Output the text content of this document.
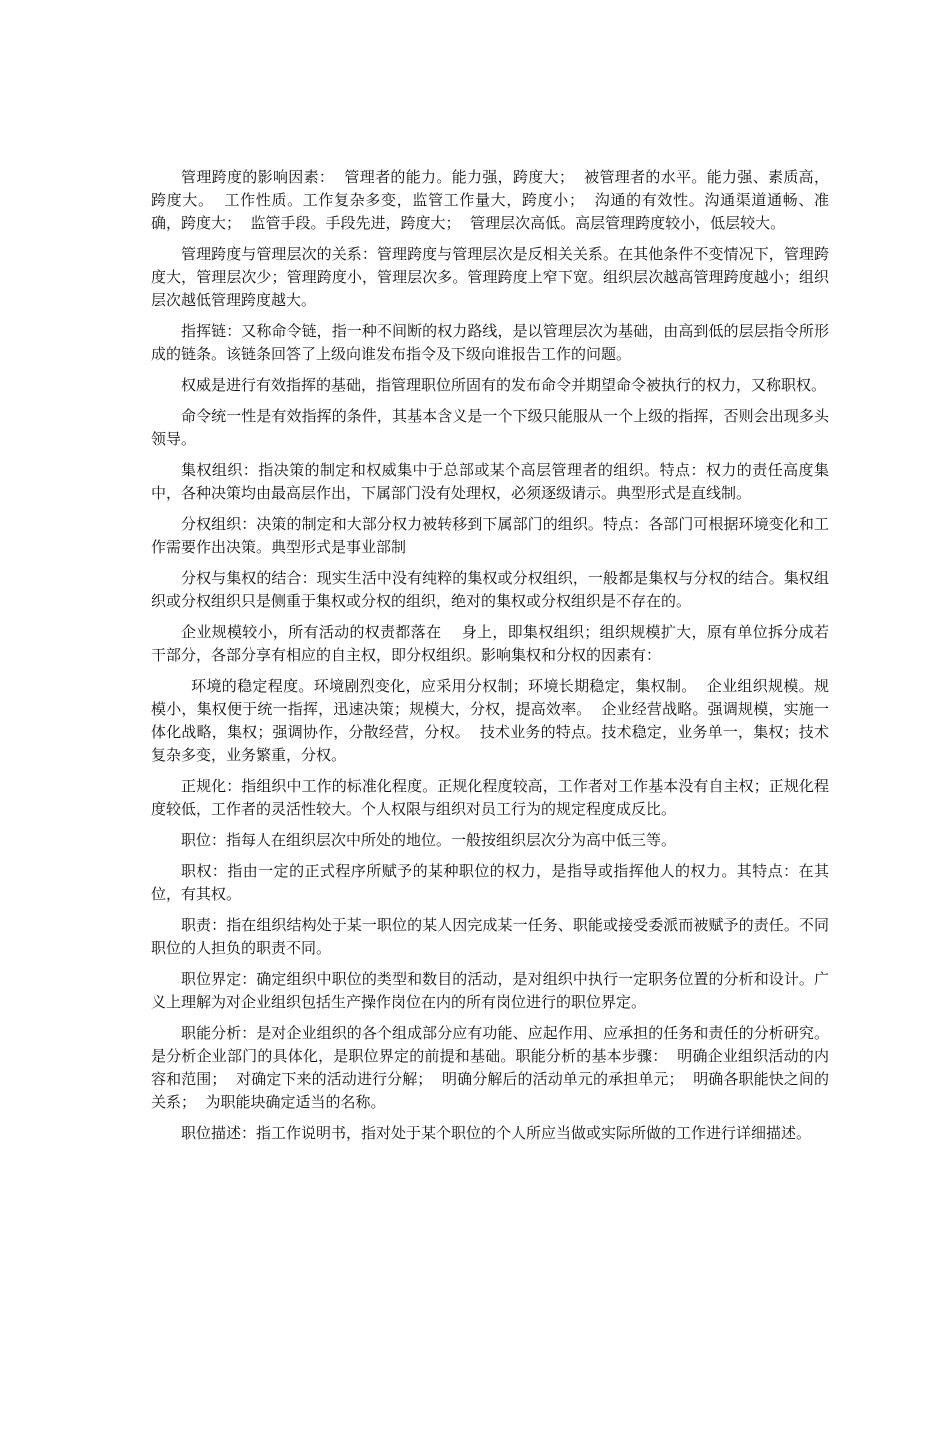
管理跨度的影响因素：  管理者的能力。能力强，跨度大；  被管理者的水平。能力强、素质高，跨度大。  工作性质。工作复杂多变，监管工作量大，跨度小；  沟通的有效性。沟通渠道通畅、准确，跨度大；  监管手段。手段先进，跨度大；  管理层次高低。高层管理跨度较小，低层较大。

管理跨度与管理层次的关系：管理跨度与管理层次是反相关关系。在其他条件不变情况下，管理跨度大，管理层次少；管理跨度小，管理层次多。管理跨度上窄下宽。组织层次越高管理跨度越小；组织层次越低管理跨度越大。

指挥链：又称命令链，指一种不间断的权力路线，是以管理层次为基础，由高到低的层层指令所形成的链条。该链条回答了上级向谁发布指令及下级向谁报告工作的问题。

权威是进行有效指挥的基础，指管理职位所固有的发布命令并期望命令被执行的权力，又称职权。

命令统一性是有效指挥的条件，其基本含义是一个下级只能服从一个上级的指挥，否则会出现多头领导。

集权组织：指决策的制定和权威集中于总部或某个高层管理者的组织。特点：权力的责任高度集中，各种决策均由最高层作出，下属部门没有处理权，必须逐级请示。典型形式是直线制。

分权组织：决策的制定和大部分权力被转移到下属部门的组织。特点：各部门可根据环境变化和工作需要作出决策。典型形式是事业部制

分权与集权的结合：现实生活中没有纯粹的集权或分权组织，一般都是集权与分权的结合。集权组织或分权组织只是侧重于集权或分权的组织，绝对的集权或分权组织是不存在的。

企业规模较小，所有活动的权责都落在    身上，即集权组织；组织规模扩大，原有单位拆分成若干部分，各部分享有相应的自主权，即分权组织。影响集权和分权的因素有：

环境的稳定程度。环境剧烈变化，应采用分权制；环境长期稳定，集权制。  企业组织规模。规模小，集权便于统一指挥，迅速决策；规模大，分权，提高效率。  企业经营战略。强调规模，实施一体化战略，集权；强调协作，分散经营，分权。  技术业务的特点。技术稳定，业务单一，集权；技术复杂多变，业务繁重，分权。

正规化：指组织中工作的标准化程度。正规化程度较高，工作者对工作基本没有自主权；正规化程度较低，工作者的灵活性较大。个人权限与组织对员工行为的规定程度成反比。

职位：指每人在组织层次中所处的地位。一般按组织层次分为高中低三等。

职权：指由一定的正式程序所赋予的某种职位的权力，是指导或指挥他人的权力。其特点：在其位，有其权。

职责：指在组织结构处于某一职位的某人因完成某一任务、职能或接受委派而被赋予的责任。不同职位的人担负的职责不同。

职位界定：确定组织中职位的类型和数目的活动，是对组织中执行一定职务位置的分析和设计。广义上理解为对企业组织包括生产操作岗位在内的所有岗位进行的职位界定。

职能分析：是对企业组织的各个组成部分应有功能、应起作用、应承担的任务和责任的分析研究。是分析企业部门的具体化，是职位界定的前提和基础。职能分析的基本步骤：  明确企业组织活动的内容和范围；  对确定下来的活动进行分解；  明确分解后的活动单元的承担单元；  明确各职能快之间的关系；  为职能块确定适当的名称。

职位描述：指工作说明书，指对处于某个职位的个人所应当做或实际所做的工作进行详细描述。
